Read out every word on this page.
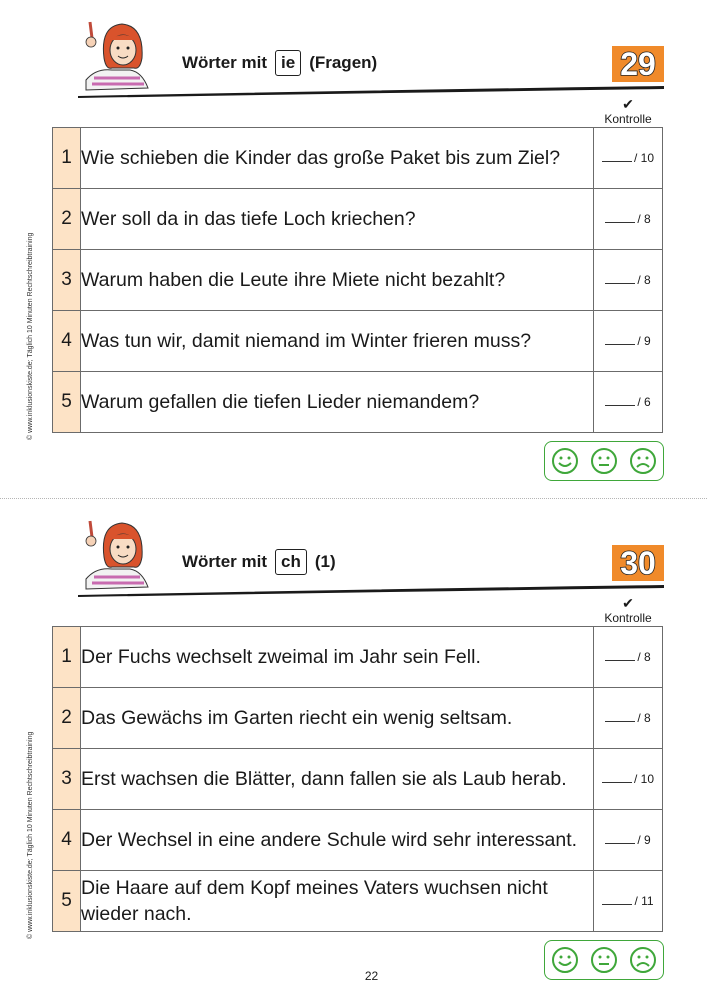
© www.inklusionskiste.de; Täglich 10 Minuten Rechtschreibtraining
Wörter mit ie (Fragen)	29
✔
Kontrolle
1	Wie schieben die Kinder das große Paket bis zum Ziel?	/ 10
2	Wer soll da in das tiefe Loch kriechen?	/ 8
3	Warum haben die Leute ihre Miete nicht bezahlt?	/ 8
4	Was tun wir, damit niemand im Winter frieren muss?	/ 9
5	Warum gefallen die tiefen Lieder niemandem?	/ 6
© www.inklusionskiste.de; Täglich 10 Minuten Rechtschreibtraining
Wörter mit ch (1)	30
✔
Kontrolle
1	Der Fuchs wechselt zweimal im Jahr sein Fell.	/ 8
2	Das Gewächs im Garten riecht ein wenig seltsam.	/ 8
3	Erst wachsen die Blätter, dann fallen sie als Laub herab.	/ 10
4	Der Wechsel in eine andere Schule wird sehr interessant.	/ 9
5	Die Haare auf dem Kopf meines Vaters wuchsen nicht wieder nach.	/ 11
22
